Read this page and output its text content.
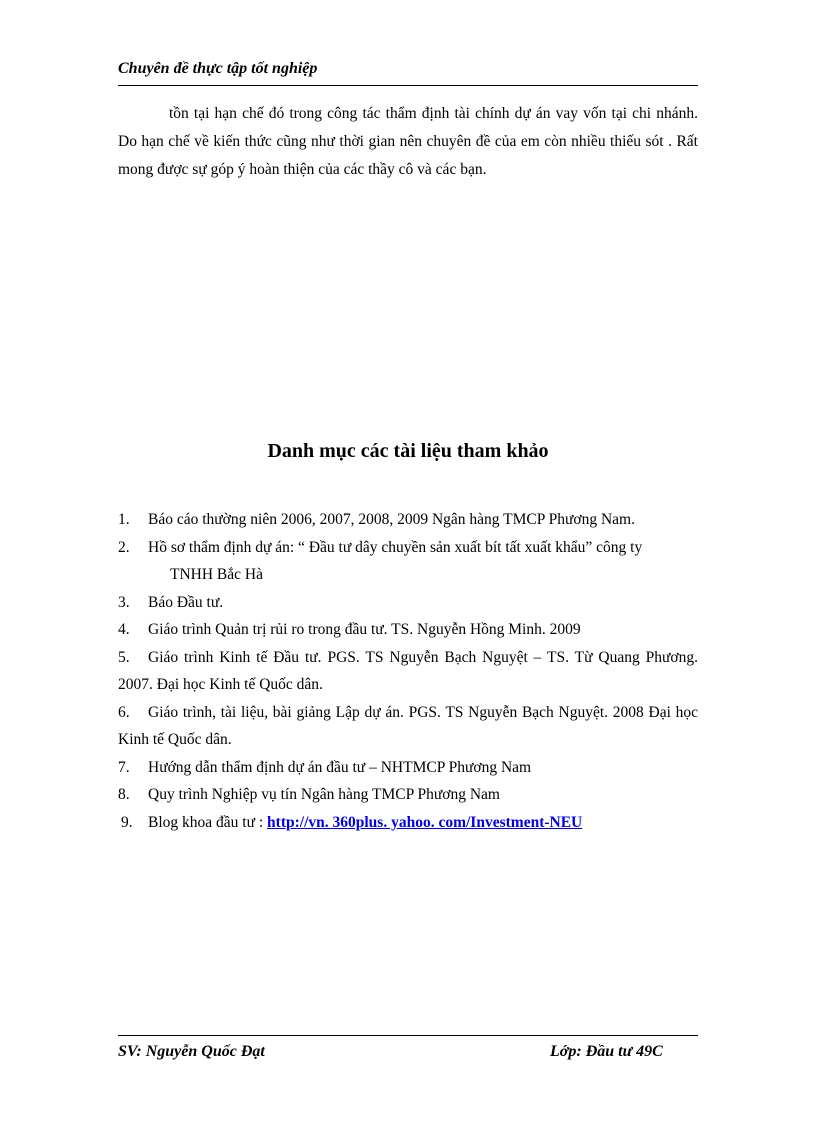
Chuyên đề thực tập tốt nghiệp

tồn tại hạn chế đó trong công tác thẩm định tài chính dự án vay vốn tại chi nhánh. Do hạn chế về kiến thức cũng như thời gian nên chuyên đề của em còn nhiều thiếu sót . Rất mong được sự góp ý hoàn thiện của các thầy cô và các bạn.

Danh mục các tài liệu tham khảo
1. Báo cáo thường niên 2006, 2007, 2008, 2009 Ngân hàng TMCP Phương Nam.
2. Hồ sơ thẩm định dự án: “ Đầu tư dây chuyền sản xuất bít tất xuất khẩu” công ty
TNHH Bắc Hà
3. Báo Đầu tư.
4. Giáo trình Quản trị rủi ro trong đầu tư. TS. Nguyễn Hồng Minh. 2009
5. Giáo trình Kinh tế Đầu tư. PGS. TS Nguyễn Bạch Nguyệt – TS. Từ Quang Phương. 2007. Đại học Kinh tế Quốc dân.
6. Giáo trình, tài liệu, bài giảng Lập dự án. PGS. TS Nguyễn Bạch Nguyệt. 2008 Đại học Kinh tế Quốc dân.
7. Hướng dẫn thẩm định dự án đầu tư – NHTMCP Phương Nam
8. Quy trình Nghiệp vụ tín Ngân hàng TMCP Phương Nam
9. Blog khoa đầu tư : http://vn. 360plus. yahoo. com/Investment-NEU
SV: Nguyễn Quốc Đạt	Lớp: Đầu tư 49C
